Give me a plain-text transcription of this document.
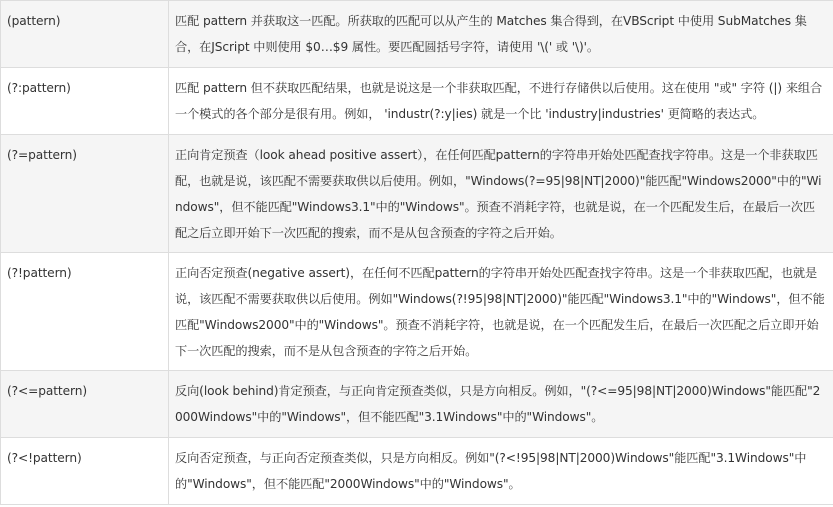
(pattern)	匹配 pattern 并获取这一匹配。所获取的匹配可以从产生的 Matches 集合得到，在VBScript 中使用 SubMatches 集合，在JScript 中则使用 $0…$9 属性。要匹配圆括号字符，请使用 '\(' 或 '\)'。
(?:pattern)	匹配 pattern 但不获取匹配结果，也就是说这是一个非获取匹配，不进行存储供以后使用。这在使用 "或" 字符 (|) 来组合一个模式的各个部分是很有用。例如， 'industr(?:y|ies) 就是一个比 'industry|industries' 更简略的表达式。
(?=pattern)	正向肯定预查（look ahead positive assert），在任何匹配pattern的字符串开始处匹配查找字符串。这是一个非获取匹配，也就是说，该匹配不需要获取供以后使用。例如，"Windows(?=95|98|NT|2000)"能匹配"Windows2000"中的"Windows"，但不能匹配"Windows3.1"中的"Windows"。预查不消耗字符，也就是说，在一个匹配发生后，在最后一次匹配之后立即开始下一次匹配的搜索，而不是从包含预查的字符之后开始。
(?!pattern)	正向否定预查(negative assert)，在任何不匹配pattern的字符串开始处匹配查找字符串。这是一个非获取匹配，也就是说，该匹配不需要获取供以后使用。例如"Windows(?!95|98|NT|2000)"能匹配"Windows3.1"中的"Windows"，但不能匹配"Windows2000"中的"Windows"。预查不消耗字符，也就是说，在一个匹配发生后，在最后一次匹配之后立即开始下一次匹配的搜索，而不是从包含预查的字符之后开始。
(?<=pattern)	反向(look behind)肯定预查，与正向肯定预查类似，只是方向相反。例如，"(?<=95|98|NT|2000)Windows"能匹配"2000Windows"中的"Windows"，但不能匹配"3.1Windows"中的"Windows"。
(?<!pattern)	反向否定预查，与正向否定预查类似，只是方向相反。例如"(?<!95|98|NT|2000)Windows"能匹配"3.1Windows"中的"Windows"，但不能匹配"2000Windows"中的"Windows"。
